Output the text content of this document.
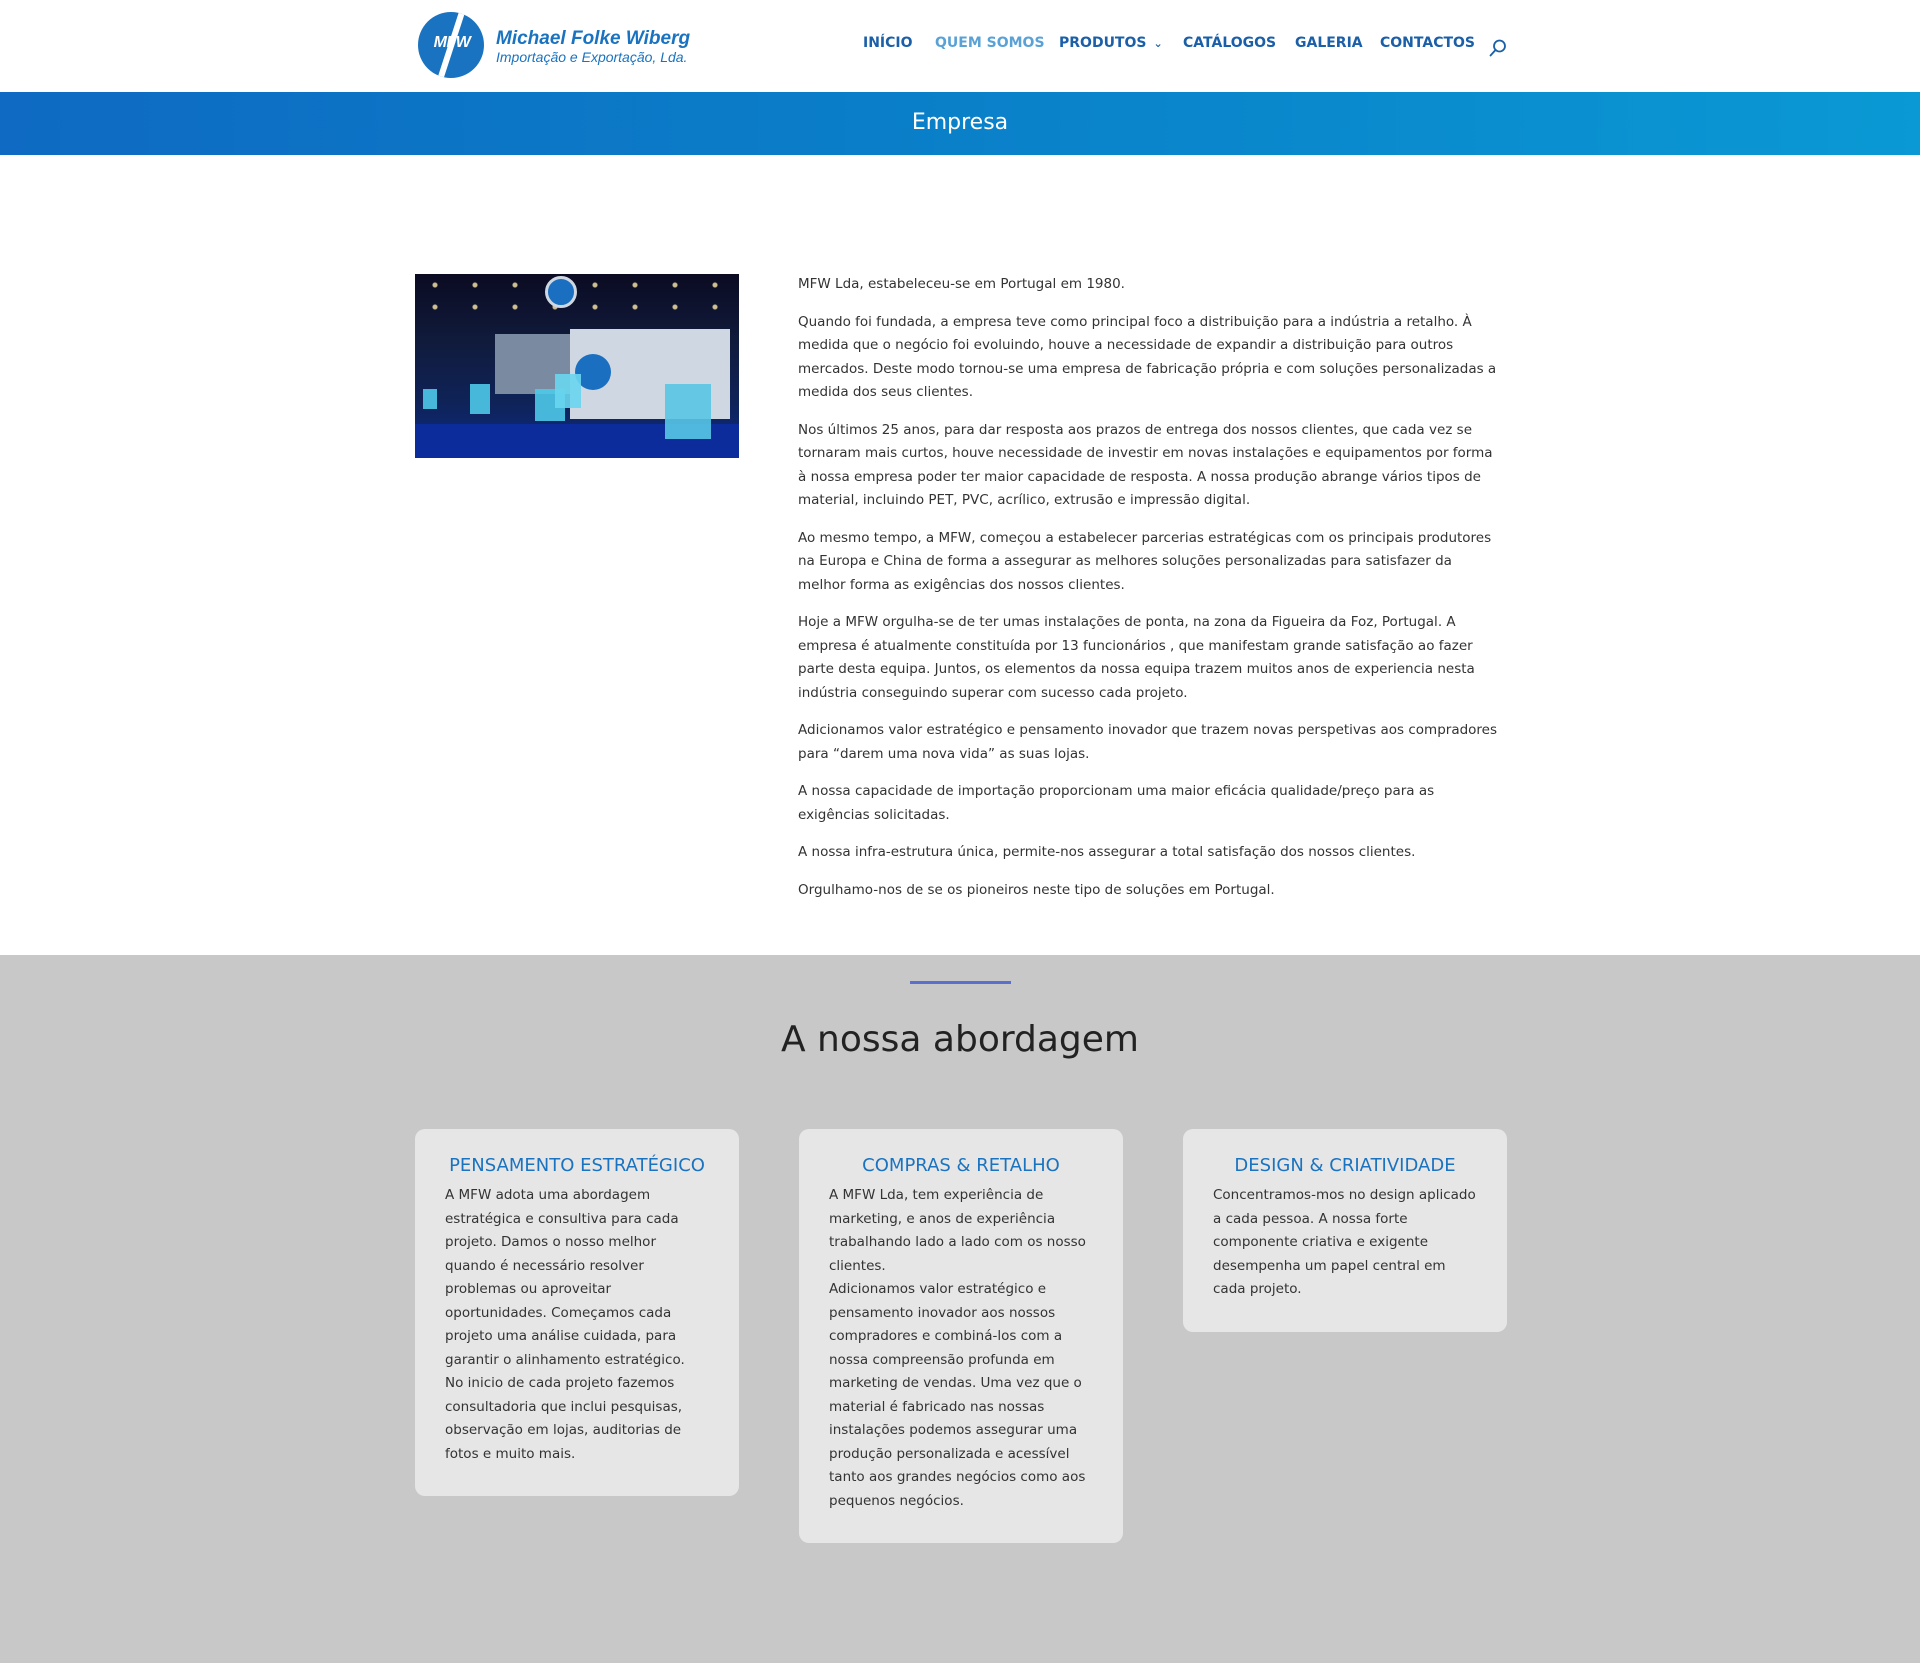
MFW	Michael Folke Wiberg
Importação e Exportação, Lda.
INÍCIO QUEM SOMOS PRODUTOS ⌄ CATÁLOGOS GALERIA CONTACTOS
Empresa

MFW Lda, estabeleceu-se em Portugal em 1980.

Quando foi fundada, a empresa teve como principal foco a distribuição para a indústria a retalho. À medida que o negócio foi evoluindo, houve a necessidade de expandir a distribuição para outros mercados. Deste modo tornou-se uma empresa de fabricação própria e com soluções personalizadas a medida dos seus clientes.

Nos últimos 25 anos, para dar resposta aos prazos de entrega dos nossos clientes, que cada vez se tornaram mais curtos, houve necessidade de investir em novas instalações e equipamentos por forma à nossa empresa poder ter maior capacidade de resposta. A nossa produção abrange vários tipos de material, incluindo PET, PVC, acrílico, extrusão e impressão digital.

Ao mesmo tempo, a MFW, começou a estabelecer parcerias estratégicas com os principais produtores na Europa e China de forma a assegurar as melhores soluções personalizadas para satisfazer da melhor forma as exigências dos nossos clientes.

Hoje a MFW orgulha-se de ter umas instalações de ponta, na zona da Figueira da Foz, Portugal. A empresa é atualmente constituída por 13 funcionários , que manifestam grande satisfação ao fazer parte desta equipa. Juntos, os elementos da nossa equipa trazem muitos anos de experiencia nesta indústria conseguindo superar com sucesso cada projeto.

Adicionamos valor estratégico e pensamento inovador que trazem novas perspetivas aos compradores para “darem uma nova vida” as suas lojas.

A nossa capacidade de importação proporcionam uma maior eficácia qualidade/preço para as exigências solicitadas.

A nossa infra-estrutura única, permite-nos assegurar a total satisfação dos nossos clientes.

Orgulhamo-nos de se os pioneiros neste tipo de soluções em Portugal.

A nossa abordagem
PENSAMENTO ESTRATÉGICO

A MFW adota uma abordagem estratégica e consultiva para cada projeto. Damos o nosso melhor quando é necessário resolver problemas ou aproveitar oportunidades. Começamos cada projeto uma análise cuidada, para garantir o alinhamento estratégico.

No inicio de cada projeto fazemos consultadoria que inclui pesquisas, observação em lojas, auditorias de fotos e muito mais.

COMPRAS & RETALHO

A MFW Lda, tem experiência de marketing, e anos de experiência trabalhando lado a lado com os nosso clientes.

Adicionamos valor estratégico e pensamento inovador aos nossos compradores e combiná-los com a nossa compreensão profunda em marketing de vendas. Uma vez que o material é fabricado nas nossas instalações podemos assegurar uma produção personalizada e acessível tanto aos grandes negócios como aos pequenos negócios.

DESIGN & CRIATIVIDADE

Concentramos-mos no design aplicado a cada pessoa. A nossa forte componente criativa e exigente desempenha um papel central em cada projeto.
